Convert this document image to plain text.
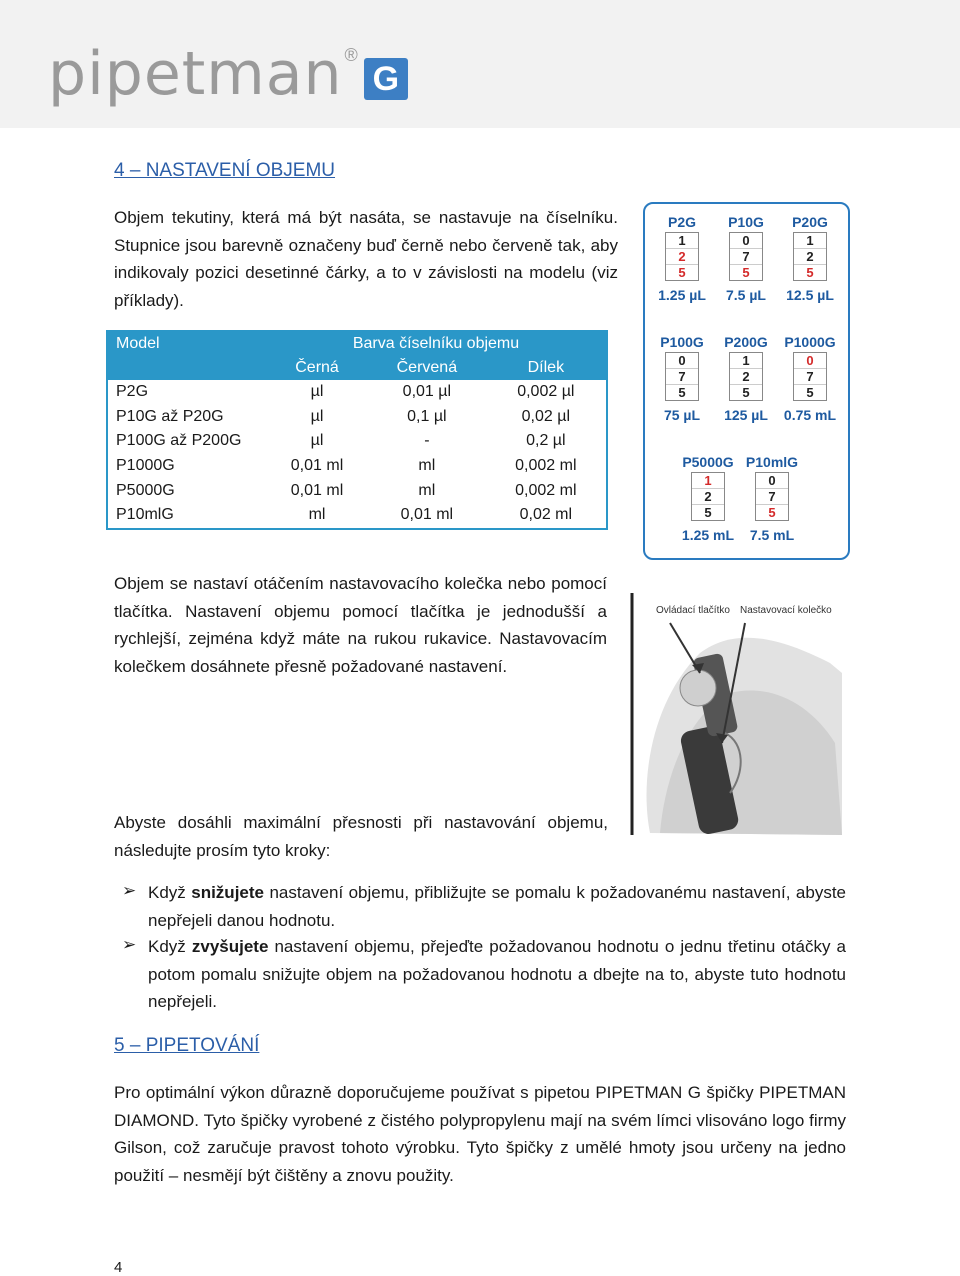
pipetman ®
G
4 – NASTAVENÍ OBJEMU
Objem tekutiny, která má být nasáta, se nastavuje na číselníku. Stupnice jsou barevně označeny buď černě nebo červeně tak, aby indikovaly pozici desetinné čárky, a to v závislosti na modelu (viz příklady).
Model	Barva číselníku objemu		
	Černá	Červená	Dílek
P2G	µl	0,01 µl	0,002 µl
P10G až P20G	µl	0,1 µl	0,02 µl
P100G až P200G	µl	-	0,2 µl
P1000G	0,01 ml	ml	0,002 ml
P5000G	0,01 ml	ml	0,002 ml
P10mlG	ml	0,01 ml	0,02 ml
P2G
1
2
5
1.25 µL
P10G
0
7
5
7.5 µL
P20G
1
2
5
12.5 µL
P100G
0
7
5
75 µL
P200G
1
2
5
125 µL
P1000G
0
7
5
0.75 mL
P5000G
1
2
5
1.25 mL
P10mlG
0
7
5
7.5 mL
Objem se nastaví otáčením nastavovacího kolečka nebo pomocí tlačítka. Nastavení objemu pomocí tlačítka je jednodušší a rychlejší, zejména když máte na rukou rukavice. Nastavovacím kolečkem dosáhnete přesně požadované nastavení.
Ovládací tlačítko Nastavovací kolečko
Abyste dosáhli maximální přesnosti při nastavování objemu, následujte prosím tyto kroky:
➢ Když snižujete nastavení objemu, přibližujte se pomalu k požadovanému nastavení, abyste nepřejeli danou hodnotu.
➢ Když zvyšujete nastavení objemu, přejeďte požadovanou hodnotu o jednu třetinu otáčky a potom pomalu snižujte objem na požadovanou hodnotu a dbejte na to, abyste tuto hodnotu nepřejeli.
5 – PIPETOVÁNÍ
Pro optimální výkon důrazně doporučujeme používat s pipetou PIPETMAN G špičky PIPETMAN DIAMOND. Tyto špičky vyrobené z čistého polypropylenu mají na svém límci vlisováno logo firmy Gilson, což zaručuje pravost tohoto výrobku. Tyto špičky z umělé hmoty jsou určeny na jedno použití – nesmějí být čištěny a znovu použity.
4
